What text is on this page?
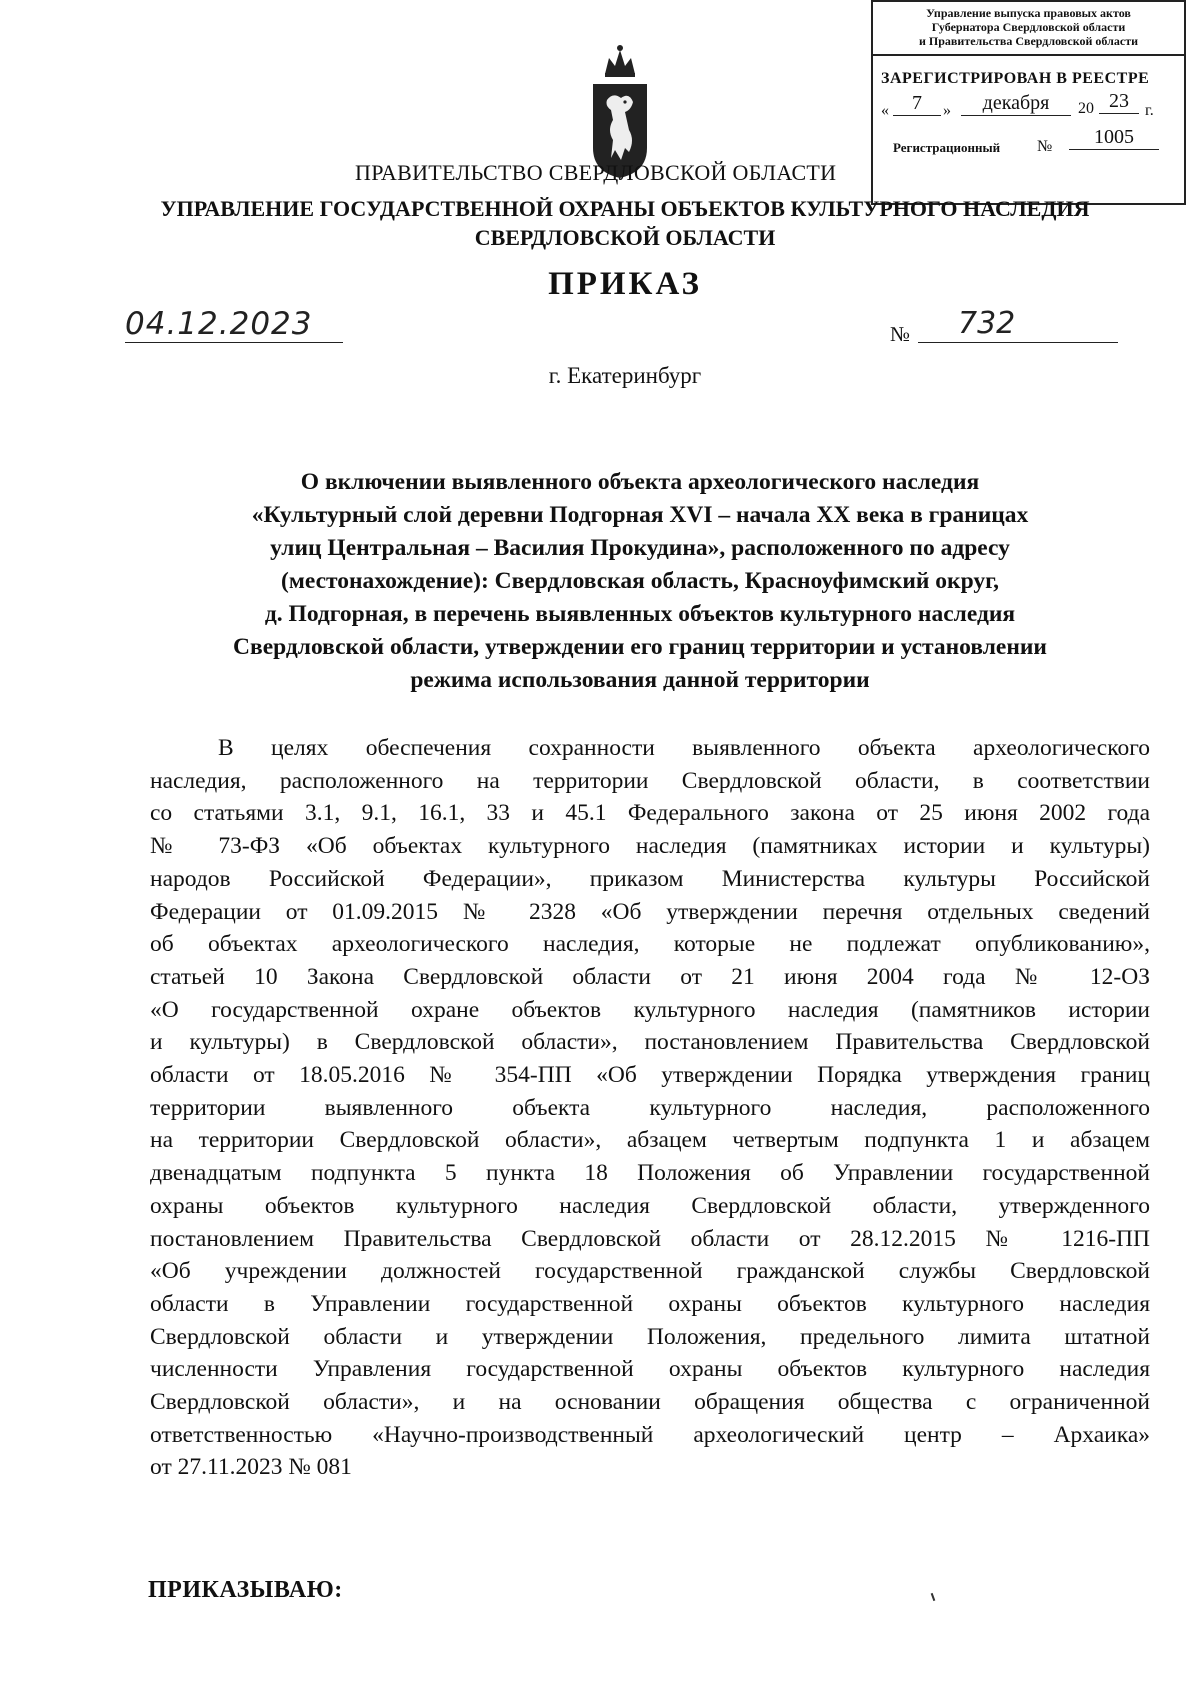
Управление выпуска правовых актов
Губернатора Свердловской области
и Правительства Свердловской области
ЗАРЕГИСТРИРОВАН В РЕЕСТРЕ
«	7	»	декабря	20 23	г.
Регистрационный №	1005
ПРАВИТЕЛЬСТВО СВЕРДЛОВСКОЙ ОБЛАСТИ
УПРАВЛЕНИЕ ГОСУДАРСТВЕННОЙ ОХРАНЫ ОБЪЕКТОВ КУЛЬТУРНОГО НАСЛЕДИЯ
СВЕРДЛОВСКОЙ ОБЛАСТИ
ПРИКАЗ
04.12.2023	№	732
г. Екатеринбург
О включении выявленного объекта археологического наследия
«Культурный слой деревни Подгорная XVI – начала XX века в границах
улиц Центральная – Василия Прокудина», расположенного по адресу
(местонахождение): Свердловская область, Красноуфимский округ,
д. Подгорная, в перечень выявленных объектов культурного наследия
Свердловской области, утверждении его границ территории и установлении
режима использования данной территории
В целях обеспечения сохранности выявленного объекта археологического
наследия, расположенного на территории Свердловской области, в соответствии
со статьями 3.1, 9.1, 16.1, 33 и 45.1 Федерального закона от 25 июня 2002 года
№ 73-ФЗ «Об объектах культурного наследия (памятниках истории и культуры)
народов Российской Федерации», приказом Министерства культуры Российской
Федерации от 01.09.2015 № 2328 «Об утверждении перечня отдельных сведений
об объектах археологического наследия, которые не подлежат опубликованию»,
статьей 10 Закона Свердловской области от 21 июня 2004 года № 12-ОЗ
«О государственной охране объектов культурного наследия (памятников истории
и культуры) в Свердловской области», постановлением Правительства Свердловской
области от 18.05.2016 № 354-ПП «Об утверждении Порядка утверждения границ
территории выявленного объекта культурного наследия, расположенного
на территории Свердловской области», абзацем четвертым подпункта 1 и абзацем
двенадцатым подпункта 5 пункта 18 Положения об Управлении государственной
охраны объектов культурного наследия Свердловской области, утвержденного
постановлением Правительства Свердловской области от 28.12.2015 № 1216-ПП
«Об учреждении должностей государственной гражданской службы Свердловской
области в Управлении государственной охраны объектов культурного наследия
Свердловской области и утверждении Положения, предельного лимита штатной
численности Управления государственной охраны объектов культурного наследия
Свердловской области», и на основании обращения общества с ограниченной
ответственностью «Научно-производственный археологический центр – Архаика»
от 27.11.2023 № 081
ПРИКАЗЫВАЮ:
